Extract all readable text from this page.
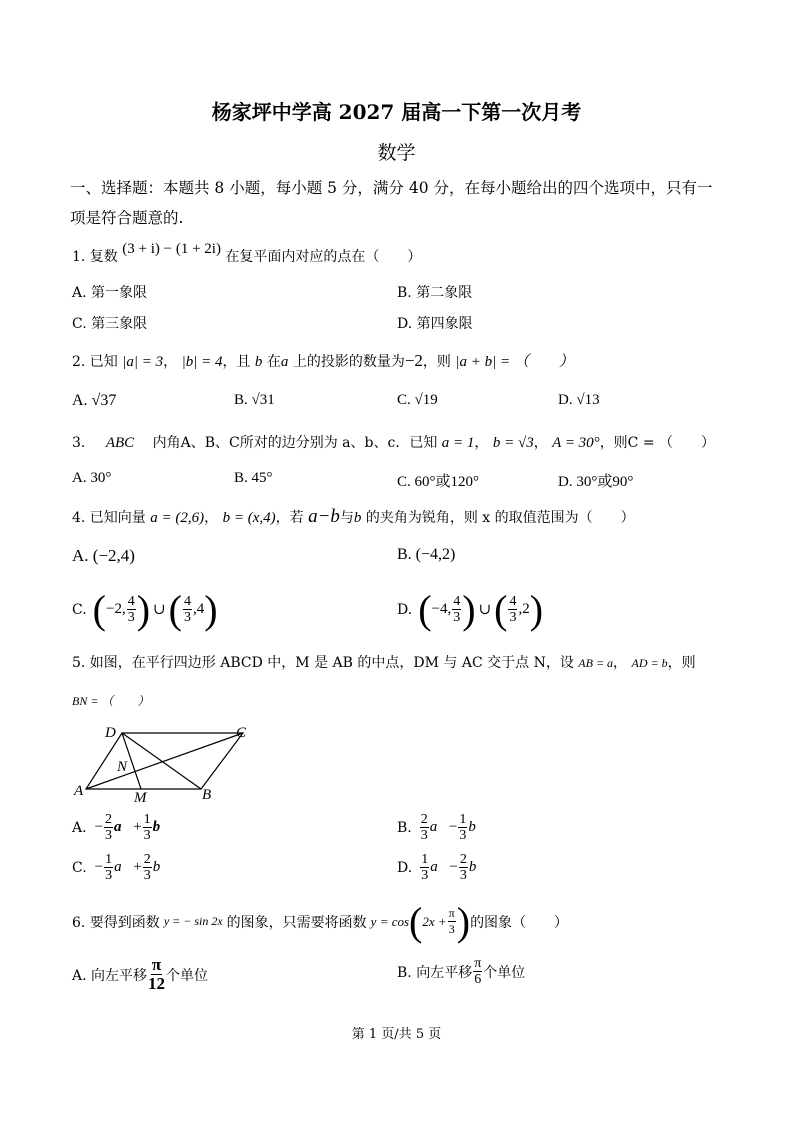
杨家坪中学高 2027 届高一下第一次月考
数学
一、选择题：本题共 8 小题，每小题 5 分，满分 40 分，在每小题给出的四个选项中，只有一
项是符合题意的.
1. 复数 (3 + i) − (1 + 2i) 在复平面内对应的点在（　　）
A. 第一象限	B. 第二象限
C. 第三象限	D. 第四象限
2. 已知 |a| = 3， |b| = 4，且 b 在a 上的投影的数量为−2，则 |a + b| = （　　）
A. √37	B. √31	C. √19	D. √13
3. ABC 内角A、B、C所对的边分别为 a、b、c．已知 a = 1， b = √3， A = 30°，则C = （　　）
A. 30°	B. 45°	C. 60°或120°	D. 30°或90°
4. 已知向量 a = (2,6)， b = (x,4)，若 a−b与b 的夹角为锐角，则 x 的取值范围为（　　）
A. (−2,4)	B. (−4,2)
C. ( −2, $\frac{4}{3}$ ) ∪ ( $\frac{4}{3} ,4$ )	D. ( −4, $\frac{4}{3}$ ) ∪ ( $\frac{4}{3} ,2$ )
5. 如图，在平行四边形 ABCD 中，M 是 AB 的中点，DM 与 AC 交于点 N，设 AB = a， AD = b，则
BN = （　　）
A	B
C
D
M
N
A. − $\frac{2}{3}$ a⃗ + $\frac{1}{3}$ b⃗	B. $\frac{2}{3}$ a⃗ − $\frac{1}{3}$ b⃗
C. − $\frac{1}{3}$ a⃗ + $\frac{2}{3}$ b⃗	D. $\frac{1}{3}$ a⃗ − $\frac{2}{3}$ b⃗
6. 要得到函数 y = − sin 2x 的图象，只需要将函数 y = cos ( $2x + \frac{\pi}{3}$ ) 的图象（　　）
A. 向左平移 $\frac{\pi}{12}$ 个单位	B. 向左平移 $\frac{\pi}{6}$ 个单位
第 1 页/共 5 页
